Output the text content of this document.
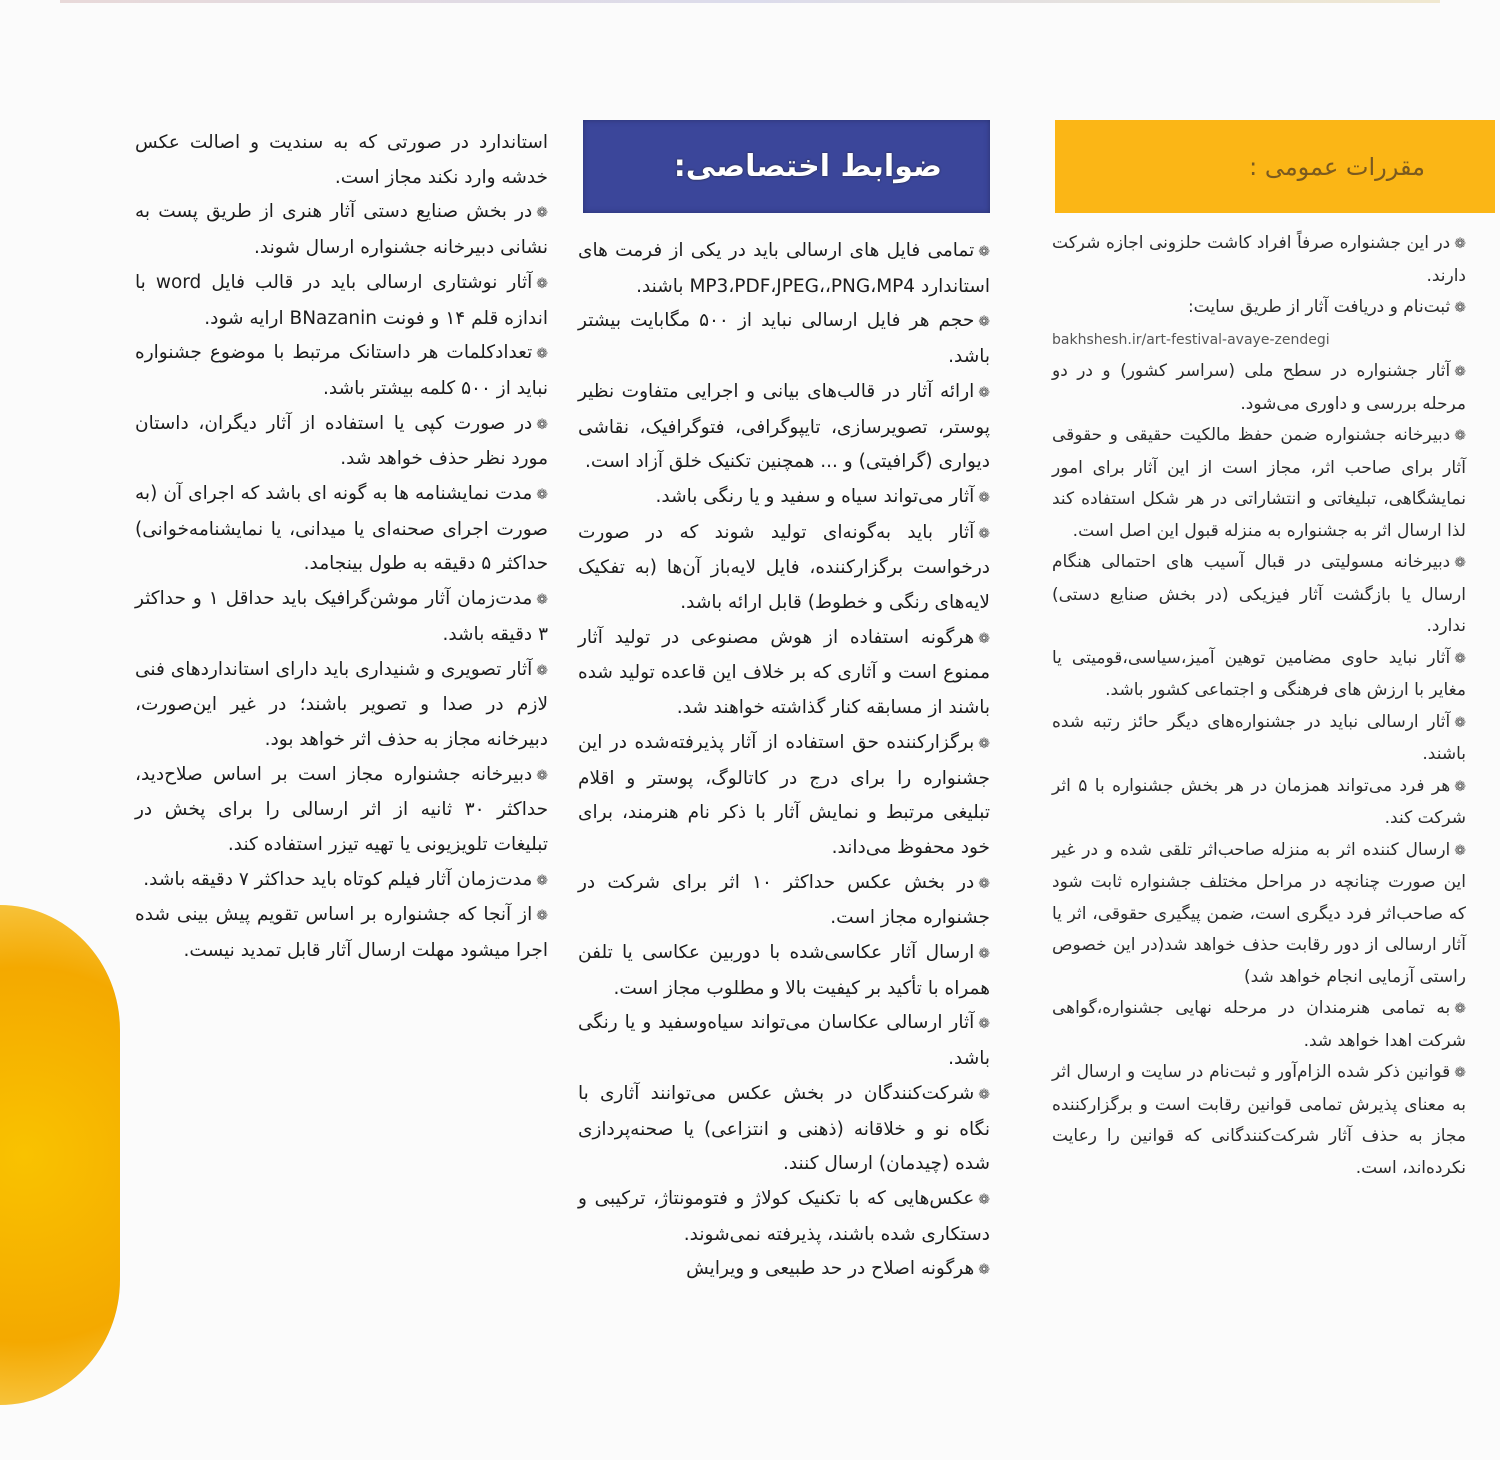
مقررات عمومی :
ضوابط اختصاصی:

❁در این جشنواره صرفاً افراد کاشت حلزونی اجازه شرکت دارند.

❁ثبت‌نام و دریافت آثار از طریق سایت:
bakhshesh.ir/art-festival-avaye-zendegi

❁آثار جشنواره در سطح ملی (سراسر کشور) و در دو مرحله بررسی و داوری می‌شود.

❁دبیرخانه جشنواره ضمن حفظ مالکیت حقیقی و حقوقی آثار برای صاحب اثر، مجاز است از این آثار برای امور نمایشگاهی، تبلیغاتی و انتشاراتی در هر شکل استفاده کند لذا ارسال اثر به جشنواره به منزله قبول این اصل است.

❁دبیرخانه مسولیتی در قبال آسیب های احتمالی هنگام ارسال یا بازگشت آثار فیزیکی (در بخش صنایع دستی) ندارد.

❁آثار نباید حاوی مضامین توهین آمیز،سیاسی،قومیتی یا مغایر با ارزش های فرهنگی و اجتماعی کشور باشد.

❁آثار ارسالی نباید در جشنواره‌های دیگر حائز رتبه شده باشند.

❁هر فرد می‌تواند همزمان در هر بخش جشنواره با ۵ اثر شرکت کند.

❁ارسال کننده اثر به منزله صاحب‌اثر تلقی شده و در غیر این صورت چنانچه در مراحل مختلف جشنواره ثابت شود که صاحب‌اثر فرد دیگری است، ضمن پیگیری حقوقی، اثر یا آثار ارسالی از دور رقابت حذف خواهد شد(در این خصوص راستی آزمایی انجام خواهد شد)

❁به تمامی هنرمندان در مرحله نهایی جشنواره،گواهی شرکت اهدا خواهد شد.

❁قوانین ذکر شده الزام‌آور و ثبت‌نام در سایت و ارسال اثر به معنای پذیرش تمامی قوانین رقابت است و برگزارکننده مجاز به حذف آثار شرکت‌کنندگانی که قوانین را رعایت نکرده‌اند، است.

❁تمامی فایل های ارسالی باید در یکی از فرمت های استاندارد MP3،PDF،JPEG،،PNG،MP4 باشند.

❁حجم هر فایل ارسالی نباید از ۵۰۰ مگابایت بیشتر باشد.

❁ارائه آثار در قالب‌های بیانی و اجرایی متفاوت نظیر پوستر، تصویرسازی، تایپوگرافی، فتوگرافیک، نقاشی دیواری (گرافیتی) و ... همچنین تکنیک خلق آزاد است.

❁آثار می‌تواند سیاه و سفید و یا رنگی باشد.

❁آثار باید به‌گونه‌ای تولید شوند که در صورت درخواست برگزارکننده، فایل لایه‌باز آن‌ها (به تفکیک لایه‌های رنگی و خطوط) قابل ارائه باشد.

❁هرگونه استفاده از هوش مصنوعی در تولید آثار ممنوع است و آثاری که بر خلاف این قاعده تولید شده باشند از مسابقه کنار گذاشته خواهند شد.

❁برگزارکننده حق استفاده از آثار پذیرفته‌شده در این جشنواره را برای درج در کاتالوگ، پوستر و اقلام تبلیغی مرتبط و نمایش آثار با ذکر نام هنرمند، برای خود محفوظ می‌داند.

❁در بخش عکس حداکثر ۱۰ اثر برای شرکت در جشنواره مجاز است.

❁ارسال آثار عکاسی‌شده با دوربین عکاسی یا تلفن همراه با تأکید بر کیفیت بالا و مطلوب مجاز است.

❁آثار ارسالی عکاسان می‌تواند سیاه‌وسفید و یا رنگی باشد.

❁شرکت‌کنندگان در بخش عکس می‌توانند آثاری با نگاه نو و خلاقانه (ذهنی و انتزاعی) یا صحنه‌پردازی شده (چیدمان) ارسال کنند.

❁عکس‌هایی که با تکنیک کولاژ و فتومونتاژ، ترکیبی و دستکاری شده باشند، پذیرفته نمی‌شوند.

❁هرگونه اصلاح در حد طبیعی و ویرایش

استاندارد در صورتی که به سندیت و اصالت عکس خدشه وارد نکند مجاز است.

❁در بخش صنایع دستی آثار هنری از طریق پست به نشانی دبیرخانه جشنواره ارسال شوند.

❁آثار نوشتاری ارسالی باید در قالب فایل word با اندازه قلم ۱۴ و فونت BNazanin ارایه شود.

❁تعدادکلمات هر داستانک مرتبط با موضوع جشنواره نباید از ۵۰۰ کلمه بیشتر باشد.

❁در صورت کپی یا استفاده از آثار دیگران، داستان مورد نظر حذف خواهد شد.

❁مدت نمایشنامه ها به گونه ای باشد که اجرای آن (به صورت اجرای صحنه‌ای یا میدانی، یا نمایشنامه‌خوانی) حداکثر ۵ دقیقه به طول بینجامد.

❁مدت‌زمان آثار موشن‌گرافیک باید حداقل ۱ و حداکثر ۳ دقیقه باشد.

❁آثار تصویری و شنیداری باید دارای استانداردهای فنی لازم در صدا و تصویر باشند؛ در غیر این‌صورت، دبیرخانه مجاز به حذف اثر خواهد بود.

❁دبیرخانه جشنواره مجاز است بر اساس صلاح‌دید، حداکثر ۳۰ ثانیه از اثر ارسالی را برای پخش در تبلیغات تلویزیونی یا تهیه تیزر استفاده کند.

❁مدت‌زمان آثار فیلم کوتاه باید حداکثر ۷ دقیقه باشد.

❁از آنجا که جشنواره بر اساس تقویم پیش بینی شده اجرا میشود مهلت ارسال آثار قابل تمدید نیست.
